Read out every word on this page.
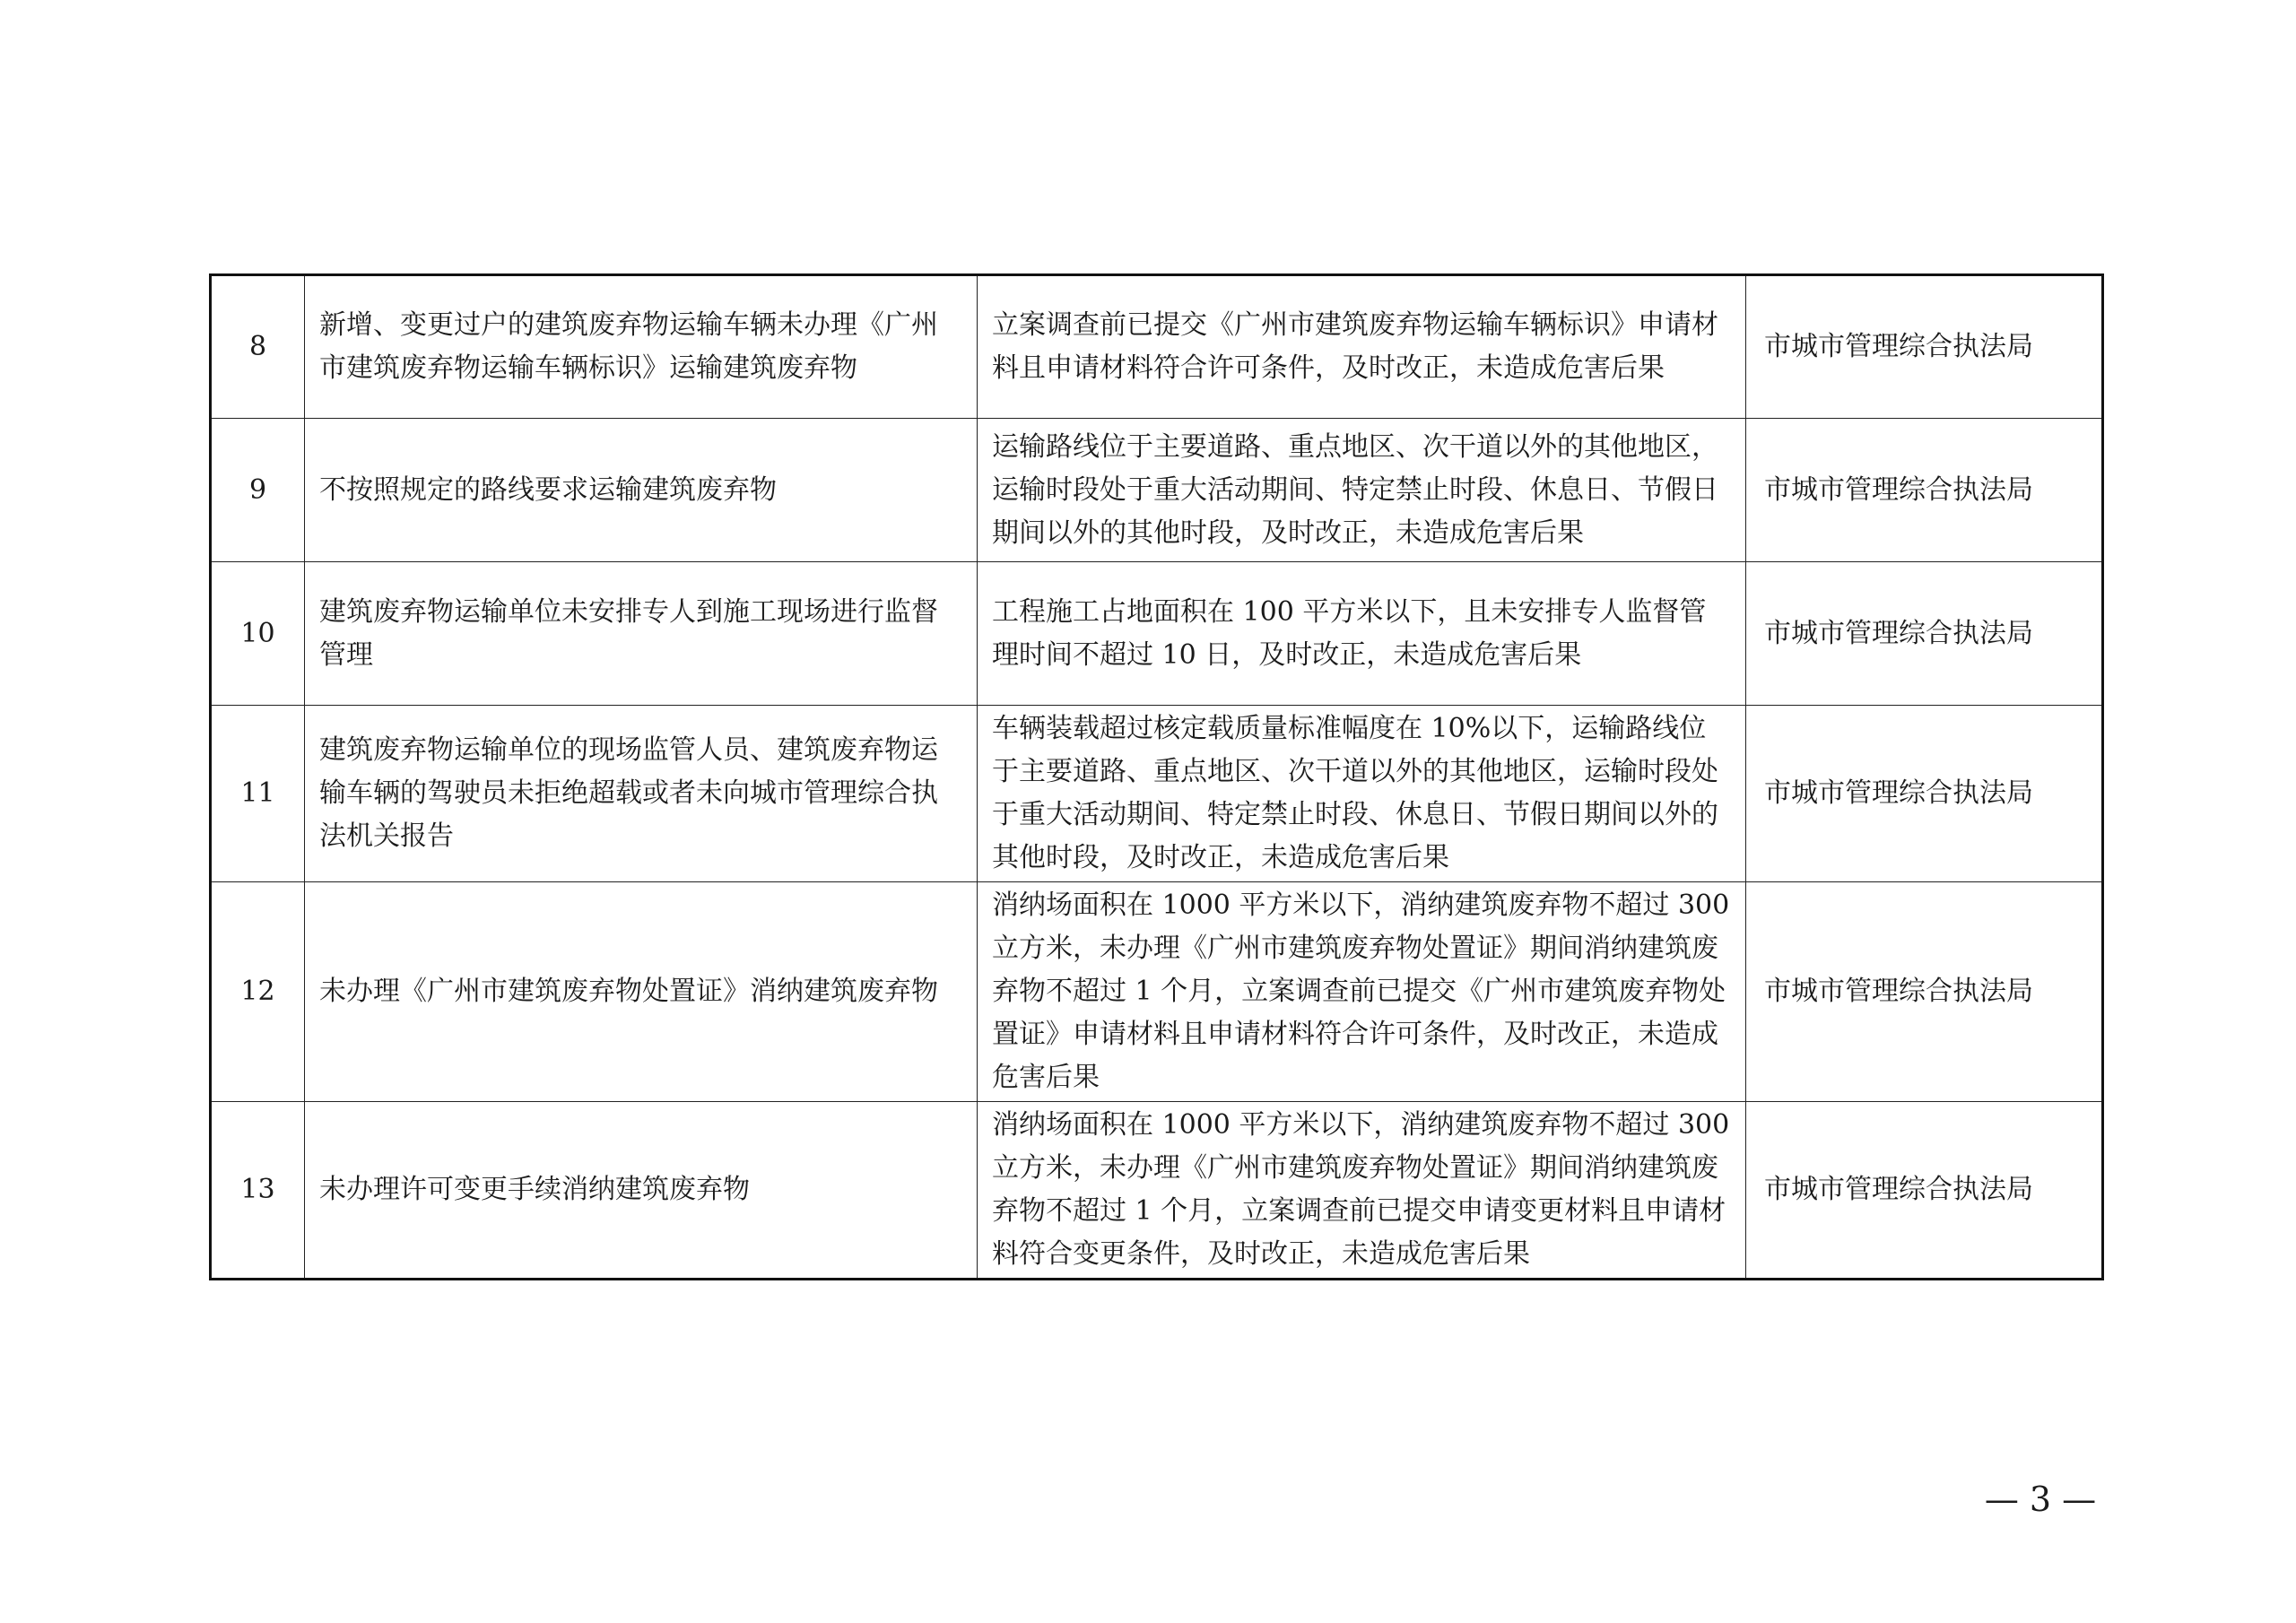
8	新增、变更过户的建筑废弃物运输车辆未办理《广州市建筑废弃物运输车辆标识》运输建筑废弃物	立案调查前已提交《广州市建筑废弃物运输车辆标识》申请材料且申请材料符合许可条件，及时改正，未造成危害后果	市城市管理综合执法局
9	不按照规定的路线要求运输建筑废弃物	运输路线位于主要道路、重点地区、次干道以外的其他地区，运输时段处于重大活动期间、特定禁止时段、休息日、节假日期间以外的其他时段，及时改正，未造成危害后果	市城市管理综合执法局
10	建筑废弃物运输单位未安排专人到施工现场进行监督管理	工程施工占地面积在 100 平方米以下，且未安排专人监督管理时间不超过 10 日，及时改正，未造成危害后果	市城市管理综合执法局
11	建筑废弃物运输单位的现场监管人员、建筑废弃物运输车辆的驾驶员未拒绝超载或者未向城市管理综合执法机关报告	车辆装载超过核定载质量标准幅度在 10%以下，运输路线位于主要道路、重点地区、次干道以外的其他地区，运输时段处于重大活动期间、特定禁止时段、休息日、节假日期间以外的其他时段，及时改正，未造成危害后果	市城市管理综合执法局
12	未办理《广州市建筑废弃物处置证》消纳建筑废弃物	消纳场面积在 1000 平方米以下，消纳建筑废弃物不超过 300 立方米，未办理《广州市建筑废弃物处置证》期间消纳建筑废弃物不超过 1 个月，立案调查前已提交《广州市建筑废弃物处置证》申请材料且申请材料符合许可条件，及时改正，未造成危害后果	市城市管理综合执法局
13	未办理许可变更手续消纳建筑废弃物	消纳场面积在 1000 平方米以下，消纳建筑废弃物不超过 300 立方米，未办理《广州市建筑废弃物处置证》期间消纳建筑废弃物不超过 1 个月，立案调查前已提交申请变更材料且申请材料符合变更条件，及时改正，未造成危害后果	市城市管理综合执法局
— 3 —
